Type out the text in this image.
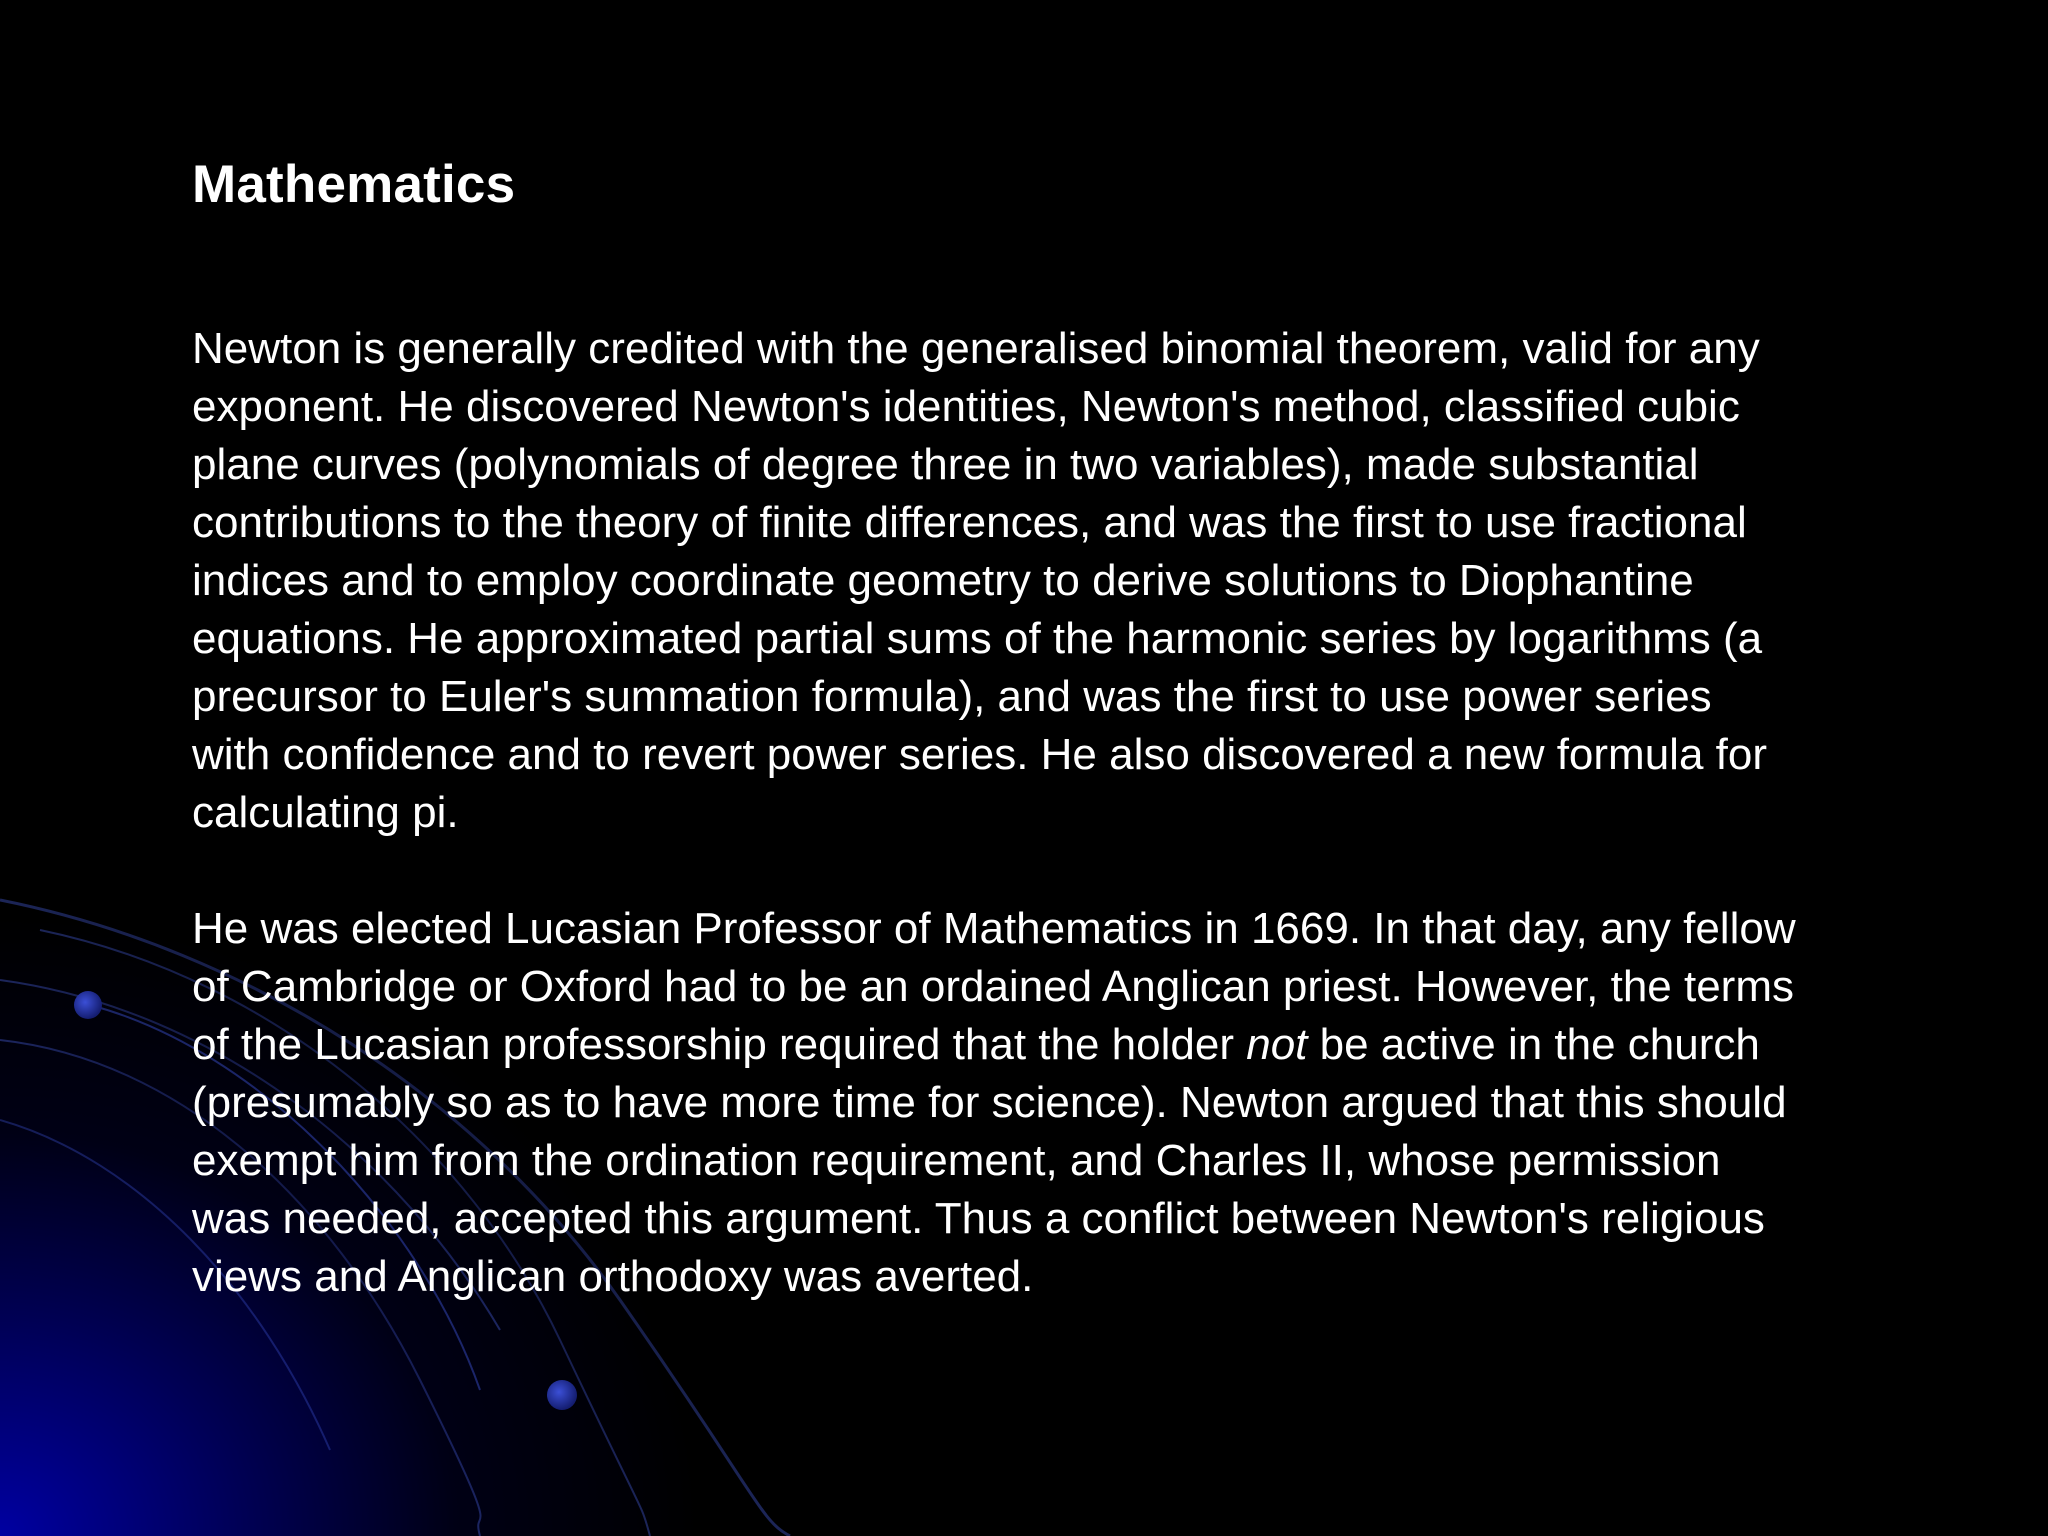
Mathematics

Newton is generally credited with the generalised binomial theorem, valid for any
exponent. He discovered Newton's identities, Newton's method, classified cubic
plane curves (polynomials of degree three in two variables), made substantial
contributions to the theory of finite differences, and was the first to use fractional
indices and to employ coordinate geometry to derive solutions to Diophantine
equations. He approximated partial sums of the harmonic series by logarithms (a
precursor to Euler's summation formula), and was the first to use power series
with confidence and to revert power series. He also discovered a new formula for
calculating pi.

He was elected Lucasian Professor of Mathematics in 1669. In that day, any fellow
of Cambridge or Oxford had to be an ordained Anglican priest. However, the terms
of the Lucasian professorship required that the holder not be active in the church
(presumably so as to have more time for science). Newton argued that this should
exempt him from the ordination requirement, and Charles II, whose permission
was needed, accepted this argument. Thus a conflict between Newton's religious
views and Anglican orthodoxy was averted.
